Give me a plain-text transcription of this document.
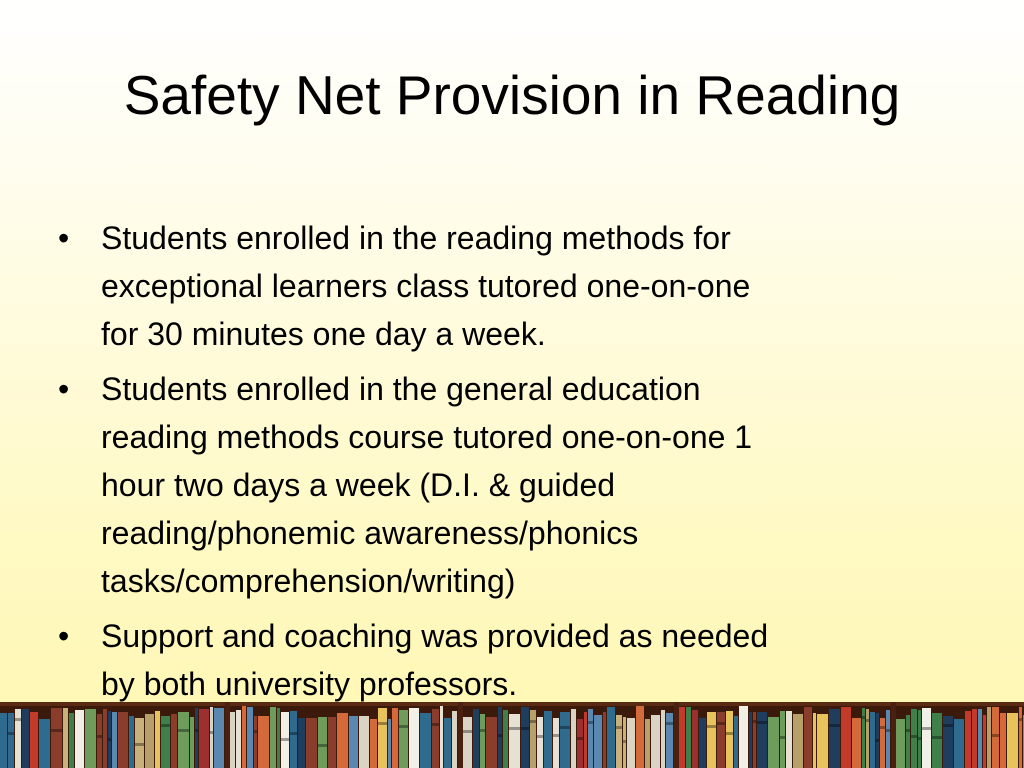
Safety Net Provision in Reading
• Students enrolled in the reading methods for
exceptional learners class tutored one-on-one
for 30 minutes one day a week.
• Students enrolled in the general education
reading methods course tutored one-on-one 1
hour two days a week (D.I. & guided
reading/phonemic awareness/phonics
tasks/comprehension/writing)
• Support and coaching was provided as needed
by both university professors.
